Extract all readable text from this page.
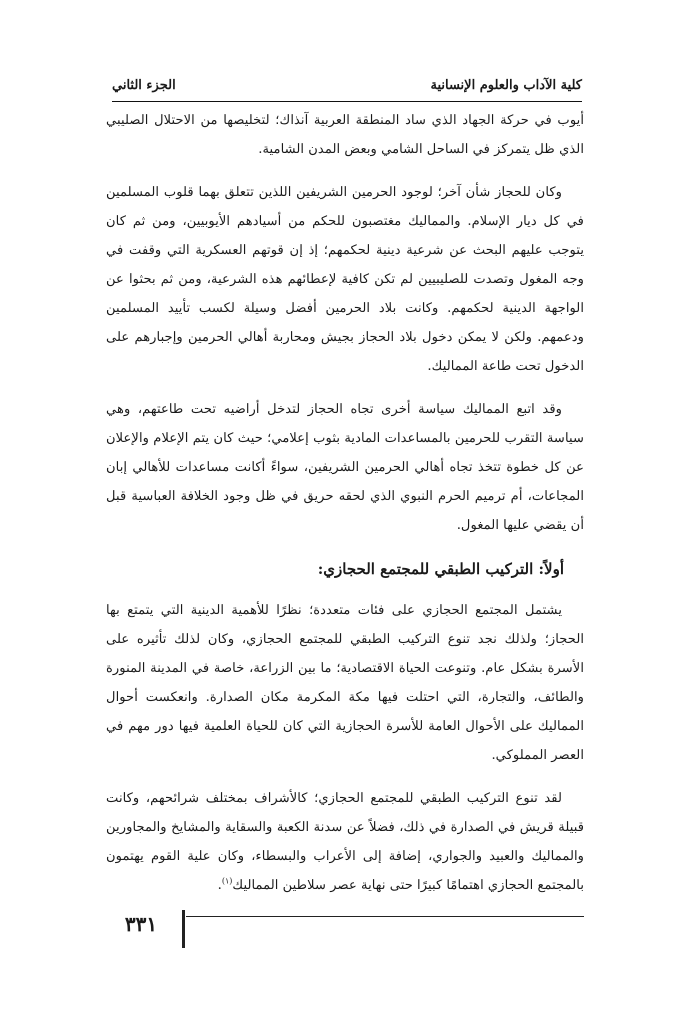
كلية الآداب والعلوم الإنسانية
الجزء الثاني

أيوب في حركة الجهاد الذي ساد المنطقة العربية آنذاك؛ لتخليصها من الاحتلال الصليبي الذي ظل يتمركز في الساحل الشامي وبعض المدن الشامية.

وكان للحجاز شأن آخر؛ لوجود الحرمين الشريفين اللذين تتعلق بهما قلوب المسلمين في كل ديار الإسلام. والمماليك مغتصبون للحكم من أسيادهم الأيوبيين، ومن ثم كان يتوجب عليهم البحث عن شرعية دينية لحكمهم؛ إذ إن قوتهم العسكرية التي وقفت في وجه المغول وتصدت للصليبيين لم تكن كافية لإعطائهم هذه الشرعية، ومن ثم بحثوا عن الواجهة الدينية لحكمهم. وكانت بلاد الحرمين أفضل وسيلة لكسب تأييد المسلمين ودعمهم. ولكن لا يمكن دخول بلاد الحجاز بجيش ومحاربة أهالي الحرمين وإجبارهم على الدخول تحت طاعة المماليك.

وقد اتبع المماليك سياسة أخرى تجاه الحجاز لتدخل أراضيه تحت طاعتهم، وهي سياسة التقرب للحرمين بالمساعدات المادية بثوب إعلامي؛ حيث كان يتم الإعلام والإعلان عن كل خطوة تتخذ تجاه أهالي الحرمين الشريفين، سواءً أكانت مساعدات للأهالي إبان المجاعات، أم ترميم الحرم النبوي الذي لحقه حريق في ظل وجود الخلافة العباسية قبل أن يقضي عليها المغول.

أولاً: التركيب الطبقي للمجتمع الحجازي:

يشتمل المجتمع الحجازي على فئات متعددة؛ نظرًا للأهمية الدينية التي يتمتع بها الحجاز؛ ولذلك نجد تنوع التركيب الطبقي للمجتمع الحجازي، وكان لذلك تأثيره على الأسرة بشكل عام. وتنوعت الحياة الاقتصادية؛ ما بين الزراعة، خاصة في المدينة المنورة والطائف، والتجارة، التي احتلت فيها مكة المكرمة مكان الصدارة. وانعكست أحوال المماليك على الأحوال العامة للأسرة الحجازية التي كان للحياة العلمية فيها دور مهم في العصر المملوكي.

لقد تنوع التركيب الطبقي للمجتمع الحجازي؛ كالأشراف بمختلف شرائحهم، وكانت قبيلة قريش في الصدارة في ذلك، فضلاً عن سدنة الكعبة والسقاية والمشايخ والمجاورين والمماليك والعبيد والجواري، إضافة إلى الأعراب والبسطاء، وكان علية القوم يهتمون بالمجتمع الحجازي اهتمامًا كبيرًا حتى نهاية عصر سلاطين المماليك$^{(١)}$.

٣٣١
